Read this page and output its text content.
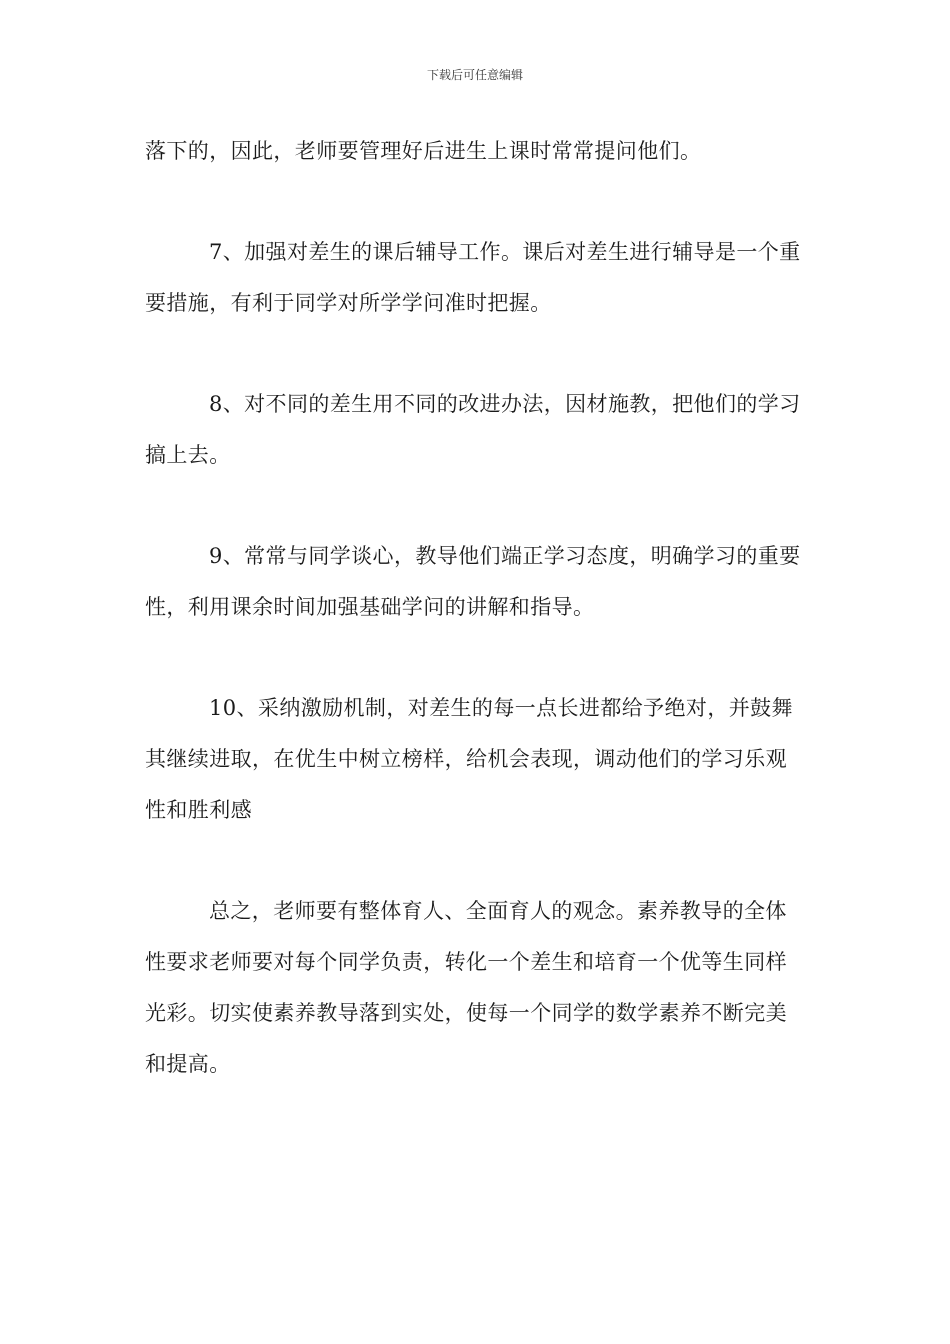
下载后可任意编辑

落下的，因此，老师要管理好后进生上课时常常提问他们。

7、加强对差生的课后辅导工作。课后对差生进行辅导是一个重要措施，有利于同学对所学学问准时把握。

8、对不同的差生用不同的改进办法，因材施教，把他们的学习搞上去。

9、常常与同学谈心，教导他们端正学习态度，明确学习的重要性，利用课余时间加强基础学问的讲解和指导。

10、采纳激励机制，对差生的每一点长进都给予绝对，并鼓舞其继续进取，在优生中树立榜样，给机会表现，调动他们的学习乐观性和胜利感

总之，老师要有整体育人、全面育人的观念。素养教导的全体性要求老师要对每个同学负责，转化一个差生和培育一个优等生同样光彩。切实使素养教导落到实处，使每一个同学的数学素养不断完美和提高。
